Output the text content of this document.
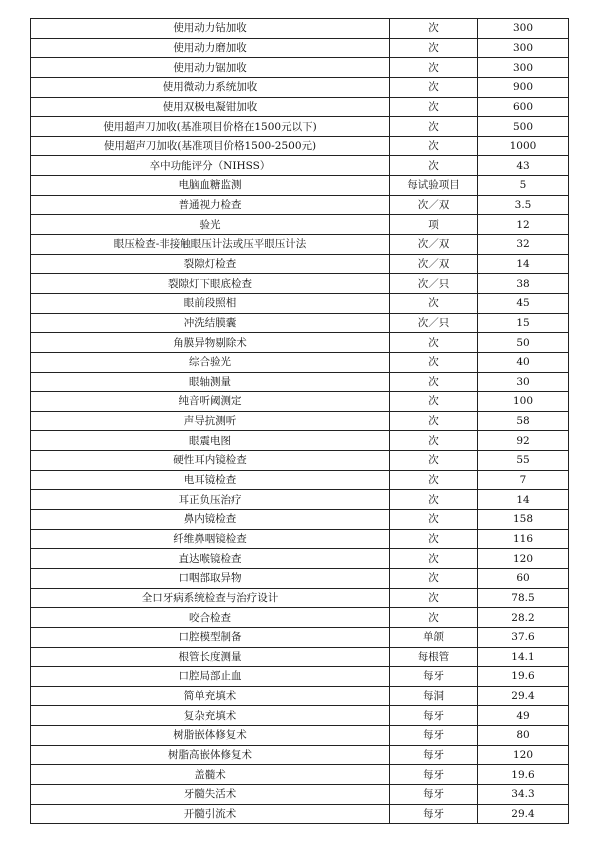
使用动力钻加收	次	300
使用动力磨加收	次	300
使用动力锯加收	次	300
使用微动力系统加收	次	900
使用双极电凝钳加收	次	600
使用超声刀加收(基准项目价格在1500元以下)	次	500
使用超声刀加收(基准项目价格1500-2500元)	次	1000
卒中功能评分（NIHSS）	次	43
电脑血糖监测	每试验项目	5
普通视力检查	次／双	3.5
验光	项	12
眼压检查-非接触眼压计法或压平眼压计法	次／双	32
裂隙灯检查	次／双	14
裂隙灯下眼底检查	次／只	38
眼前段照相	次	45
冲洗结膜囊	次／只	15
角膜异物剔除术	次	50
综合验光	次	40
眼轴测量	次	30
纯音听阈测定	次	100
声导抗测听	次	58
眼震电图	次	92
硬性耳内镜检查	次	55
电耳镜检查	次	7
耳正负压治疗	次	14
鼻内镜检查	次	158
纤维鼻咽镜检查	次	116
直达喉镜检查	次	120
口咽部取异物	次	60
全口牙病系统检查与治疗设计	次	78.5
咬合检查	次	28.2
口腔模型制备	单颌	37.6
根管长度测量	每根管	14.1
口腔局部止血	每牙	19.6
简单充填术	每洞	29.4
复杂充填术	每牙	49
树脂嵌体修复术	每牙	80
树脂高嵌体修复术	每牙	120
盖髓术	每牙	19.6
牙髓失活术	每牙	34.3
开髓引流术	每牙	29.4
